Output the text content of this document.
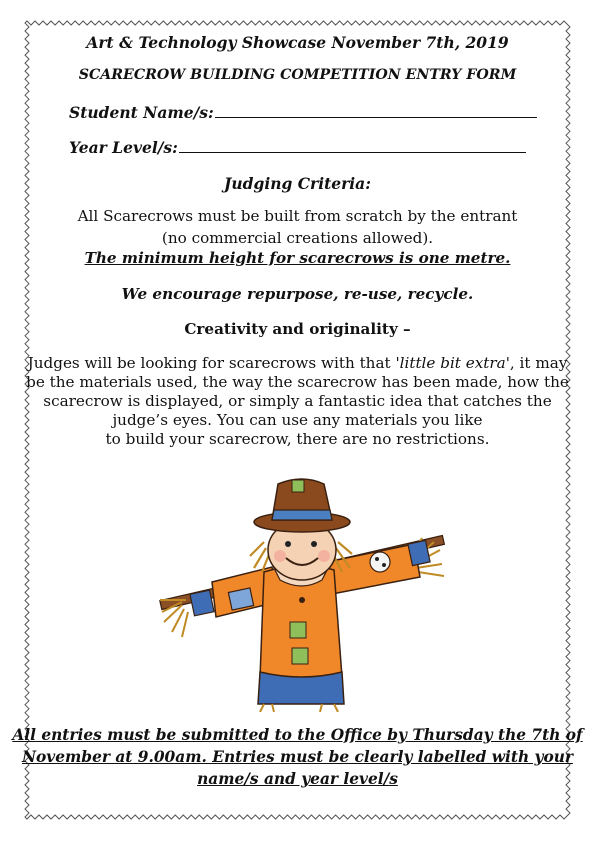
Art & Technology Showcase November 7th, 2019
SCARECROW BUILDING COMPETITION ENTRY FORM
Student Name/s:
Year Level/s:
Judging Criteria:
All Scarecrows must be built from scratch by the entrant
(no commercial creations allowed).
The minimum height for scarecrows is one metre.
We encourage repurpose, re-use, recycle.
Creativity and originality –
Judges will be looking for scarecrows with that 'little bit extra', it may
be the materials used, the way the scarecrow has been made, how the
scarecrow is displayed, or simply a fantastic idea that catches the
judge’s eyes. You can use any materials you like
to build your scarecrow, there are no restrictions.
All entries must be submitted to the Office by Thursday the 7th of
November at 9.00am. Entries must be clearly labelled with your
name/s and year level/s
